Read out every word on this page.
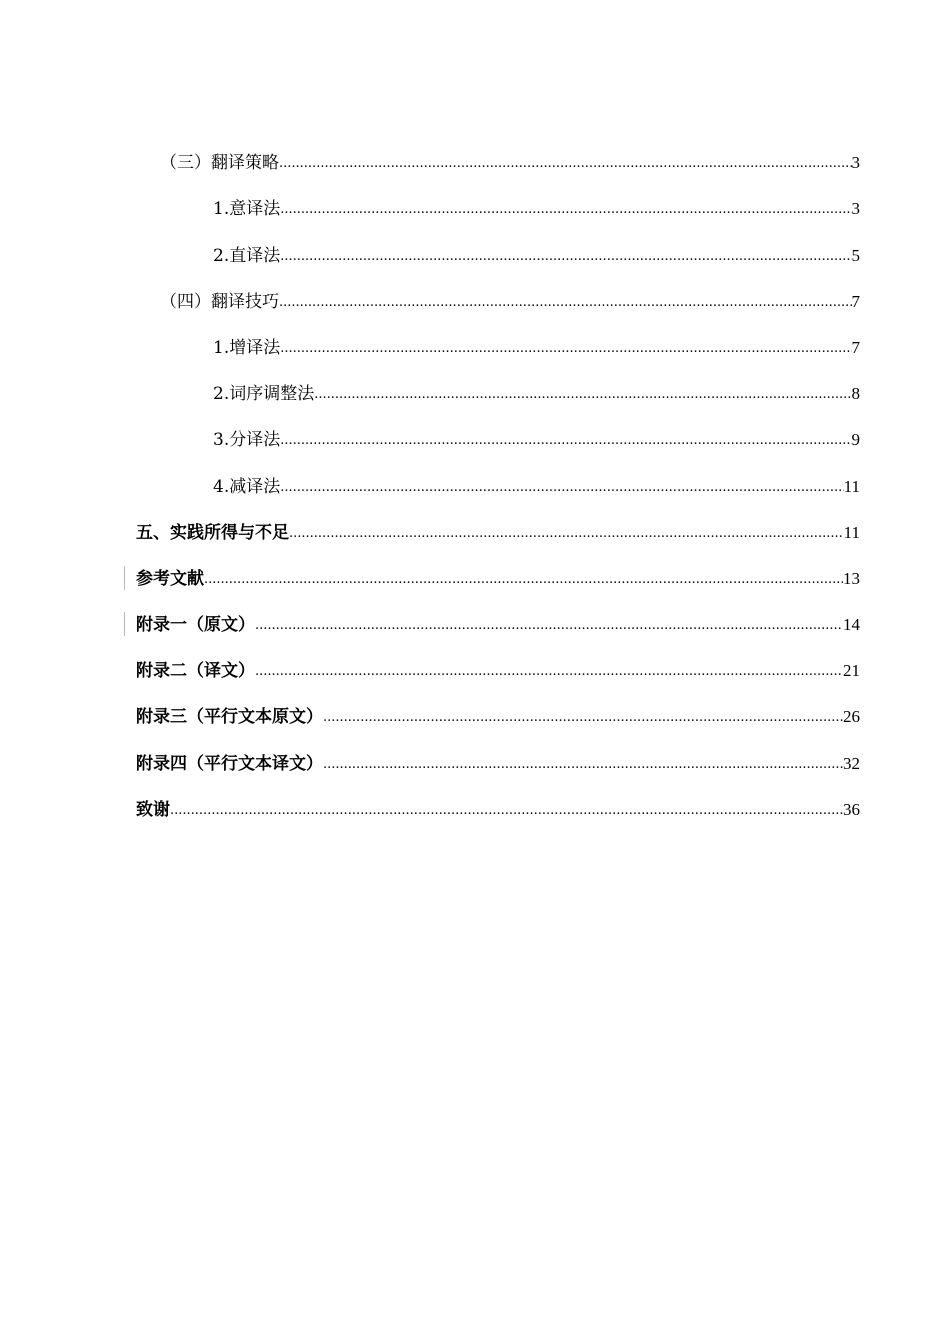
（三）翻译策略 .....	3
1.意译法 .....	3
2.直译法 .....	5
（四）翻译技巧 .....	7
1.增译法 .....	7
2.词序调整法 .....	8
3.分译法 .....	9
4.减译法 .....	11
五、实践所得与不足 .....	11
参考文献 .....	13
附录一（原文） .....	14
附录二（译文） .....	21
附录三（平行文本原文） .....	26
附录四（平行文本译文） .....	32
致谢 .....	36
